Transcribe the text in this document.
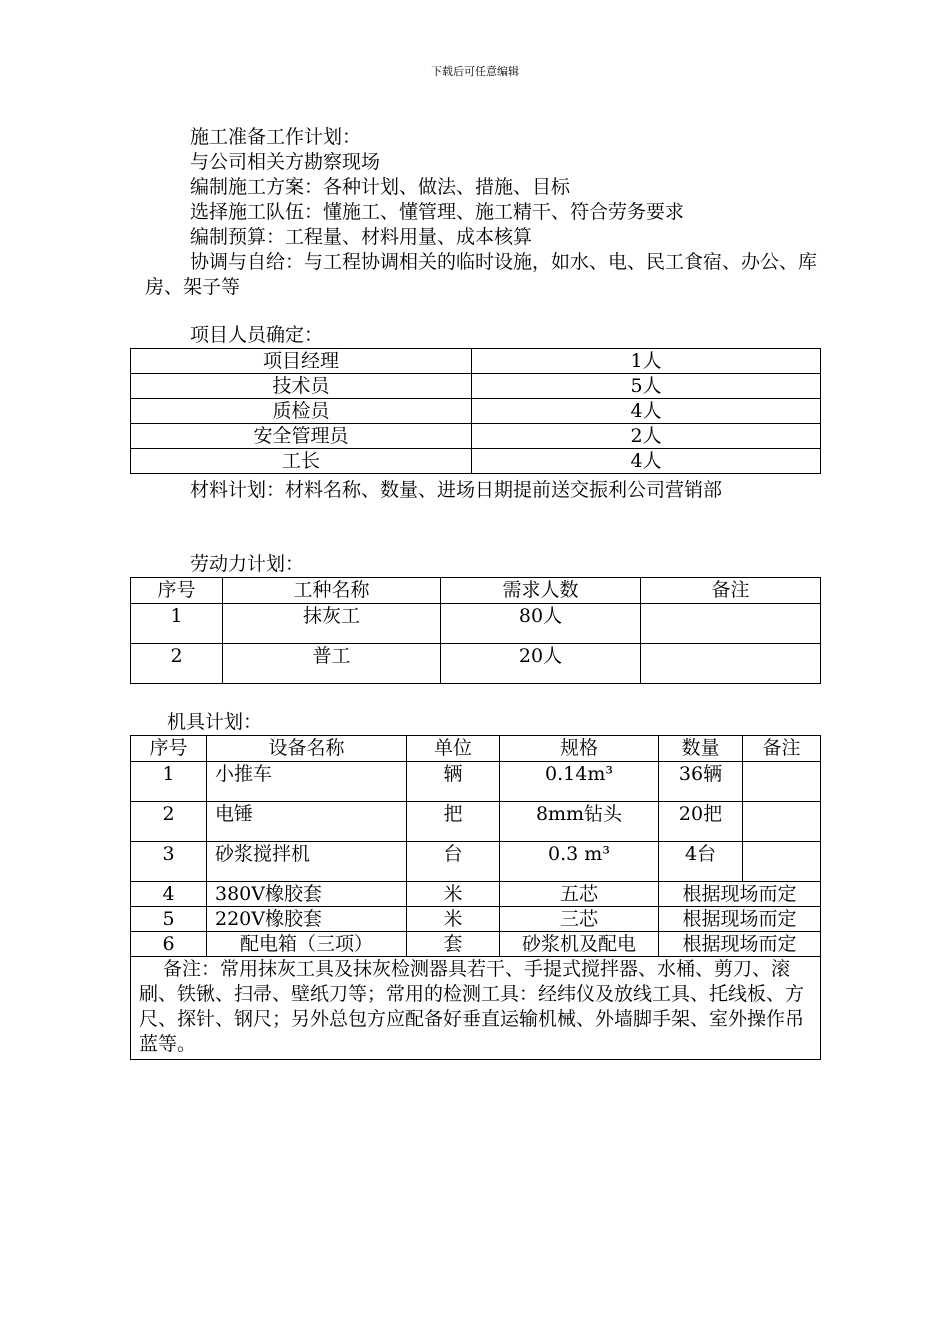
下载后可任意编辑
施工准备工作计划：
与公司相关方勘察现场
编制施工方案：各种计划、做法、措施、目标
选择施工队伍：懂施工、懂管理、施工精干、符合劳务要求
编制预算：工程量、材料用量、成本核算
协调与自给：与工程协调相关的临时设施，如水、电、民工食宿、办公、库房、架子等
项目人员确定：
项目经理	1人
技术员	5人
质检员	4人
安全管理员	2人
工长	4人
材料计划：材料名称、数量、进场日期提前送交振利公司营销部
劳动力计划：
序号	工种名称	需求人数	备注
1	抹灰工	80人	
2	普工	20人	
机具计划：
序号	设备名称	单位	规格	数量	备注
1	小推车	辆	0.14m³	36辆	
2	电锤	把	8mm钻头	20把	
3	砂浆搅拌机	台	0.3 m³	4台	
4	380V橡胶套	米	五芯	根据现场而定	
5	220V橡胶套	米	三芯	根据现场而定	
6	配电箱（三项）	套	砂浆机及配电	根据现场而定	
备注：常用抹灰工具及抹灰检测器具若干、手提式搅拌器、水桶、剪刀、滚刷、铁锹、扫帚、壁纸刀等；常用的检测工具：经纬仪及放线工具、托线板、方尺、探针、钢尺；另外总包方应配备好垂直运输机械、外墙脚手架、室外操作吊蓝等。					
